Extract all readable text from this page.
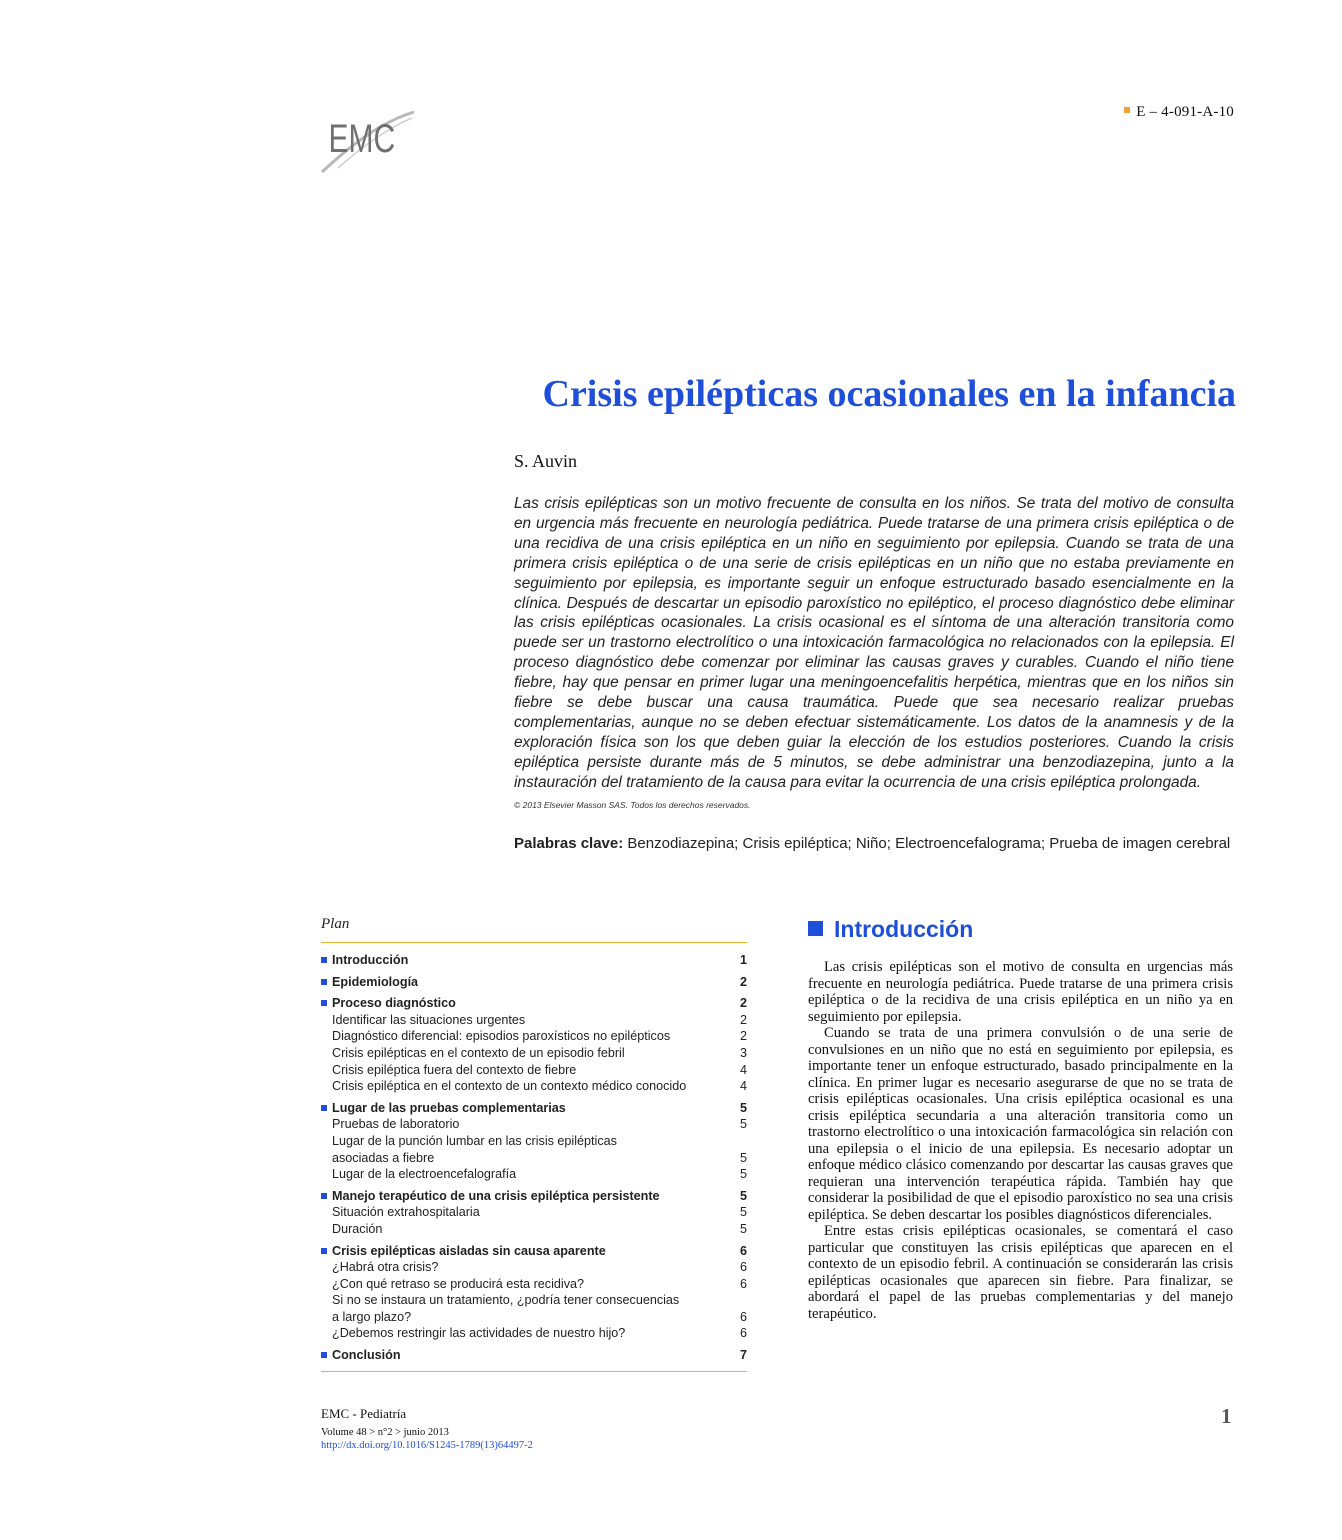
EMC
E – 4-091-A-10
Crisis epilépticas ocasionales en la infancia
S. Auvin

Las crisis epilépticas son un motivo frecuente de consulta en los niños. Se trata del motivo de consulta en urgencia más frecuente en neurología pediátrica. Puede tratarse de una primera crisis epiléptica o de una recidiva de una crisis epiléptica en un niño en seguimiento por epilepsia. Cuando se trata de una primera crisis epiléptica o de una serie de crisis epilépticas en un niño que no estaba previamente en seguimiento por epilepsia, es importante seguir un enfoque estructurado basado esencialmente en la clínica. Después de descartar un episodio paroxístico no epiléptico, el proceso diagnóstico debe eliminar las crisis epilépticas ocasionales. La crisis ocasional es el síntoma de una alteración transitoria como puede ser un trastorno electrolítico o una intoxicación farmacológica no relacionados con la epilepsia. El proceso diagnóstico debe comenzar por eliminar las causas graves y curables. Cuando el niño tiene fiebre, hay que pensar en primer lugar una meningoencefalitis herpética, mientras que en los niños sin fiebre se debe buscar una causa traumática. Puede que sea necesario realizar pruebas complementarias, aunque no se deben efectuar sistemáticamente. Los datos de la anamnesis y de la exploración física son los que deben guiar la elección de los estudios posteriores. Cuando la crisis epiléptica persiste durante más de 5 minutos, se debe administrar una benzodiazepina, junto a la instauración del tratamiento de la causa para evitar la ocurrencia de una crisis epiléptica prolongada.

© 2013 Elsevier Masson SAS. Todos los derechos reservados.
Palabras clave: Benzodiazepina; Crisis epiléptica; Niño; Electroencefalograma; Prueba de imagen cerebral
Plan
Introducción	1
Epidemiología	2
Proceso diagnóstico	2
Identificar las situaciones urgentes	2
Diagnóstico diferencial: episodios paroxísticos no epilépticos	2
Crisis epilépticas en el contexto de un episodio febril	3
Crisis epiléptica fuera del contexto de fiebre	4
Crisis epiléptica en el contexto de un contexto médico conocido	4
Lugar de las pruebas complementarias	5
Pruebas de laboratorio	5
Lugar de la punción lumbar en las crisis epilépticas
asociadas a fiebre	5
Lugar de la electroencefalografía	5
Manejo terapéutico de una crisis epiléptica persistente	5
Situación extrahospitalaria	5
Duración	5
Crisis epilépticas aisladas sin causa aparente	6
¿Habrá otra crisis?	6
¿Con qué retraso se producirá esta recidiva?	6
Si no se instaura un tratamiento, ¿podría tener consecuencias
a largo plazo?	6
¿Debemos restringir las actividades de nuestro hijo?	6
Conclusión	7
Introducción

Las crisis epilépticas son el motivo de consulta en urgencias más frecuente en neurología pediátrica. Puede tratarse de una primera crisis epiléptica o de la recidiva de una crisis epiléptica en un niño ya en seguimiento por epilepsia.

Cuando se trata de una primera convulsión o de una serie de convulsiones en un niño que no está en seguimiento por epilepsia, es importante tener un enfoque estructurado, basado principalmente en la clínica. En primer lugar es necesario asegurarse de que no se trata de crisis epilépticas ocasionales. Una crisis epiléptica ocasional es una crisis epiléptica secundaria a una alteración transitoria como un trastorno electrolítico o una intoxicación farmacológica sin relación con una epilepsia o el inicio de una epilepsia. Es necesario adoptar un enfoque médico clásico comenzando por descartar las causas graves que requieran una intervención terapéutica rápida. También hay que considerar la posibilidad de que el episodio paroxístico no sea una crisis epiléptica. Se deben descartar los posibles diagnósticos diferenciales.

Entre estas crisis epilépticas ocasionales, se comentará el caso particular que constituyen las crisis epilépticas que aparecen en el contexto de un episodio febril. A continuación se considerarán las crisis epilépticas ocasionales que aparecen sin fiebre. Para finalizar, se abordará el papel de las pruebas complementarias y del manejo terapéutico.

EMC - Pediatría
Volume 48 > n°2 > junio 2013
http://dx.doi.org/10.1016/S1245-1789(13)64497-2
1
